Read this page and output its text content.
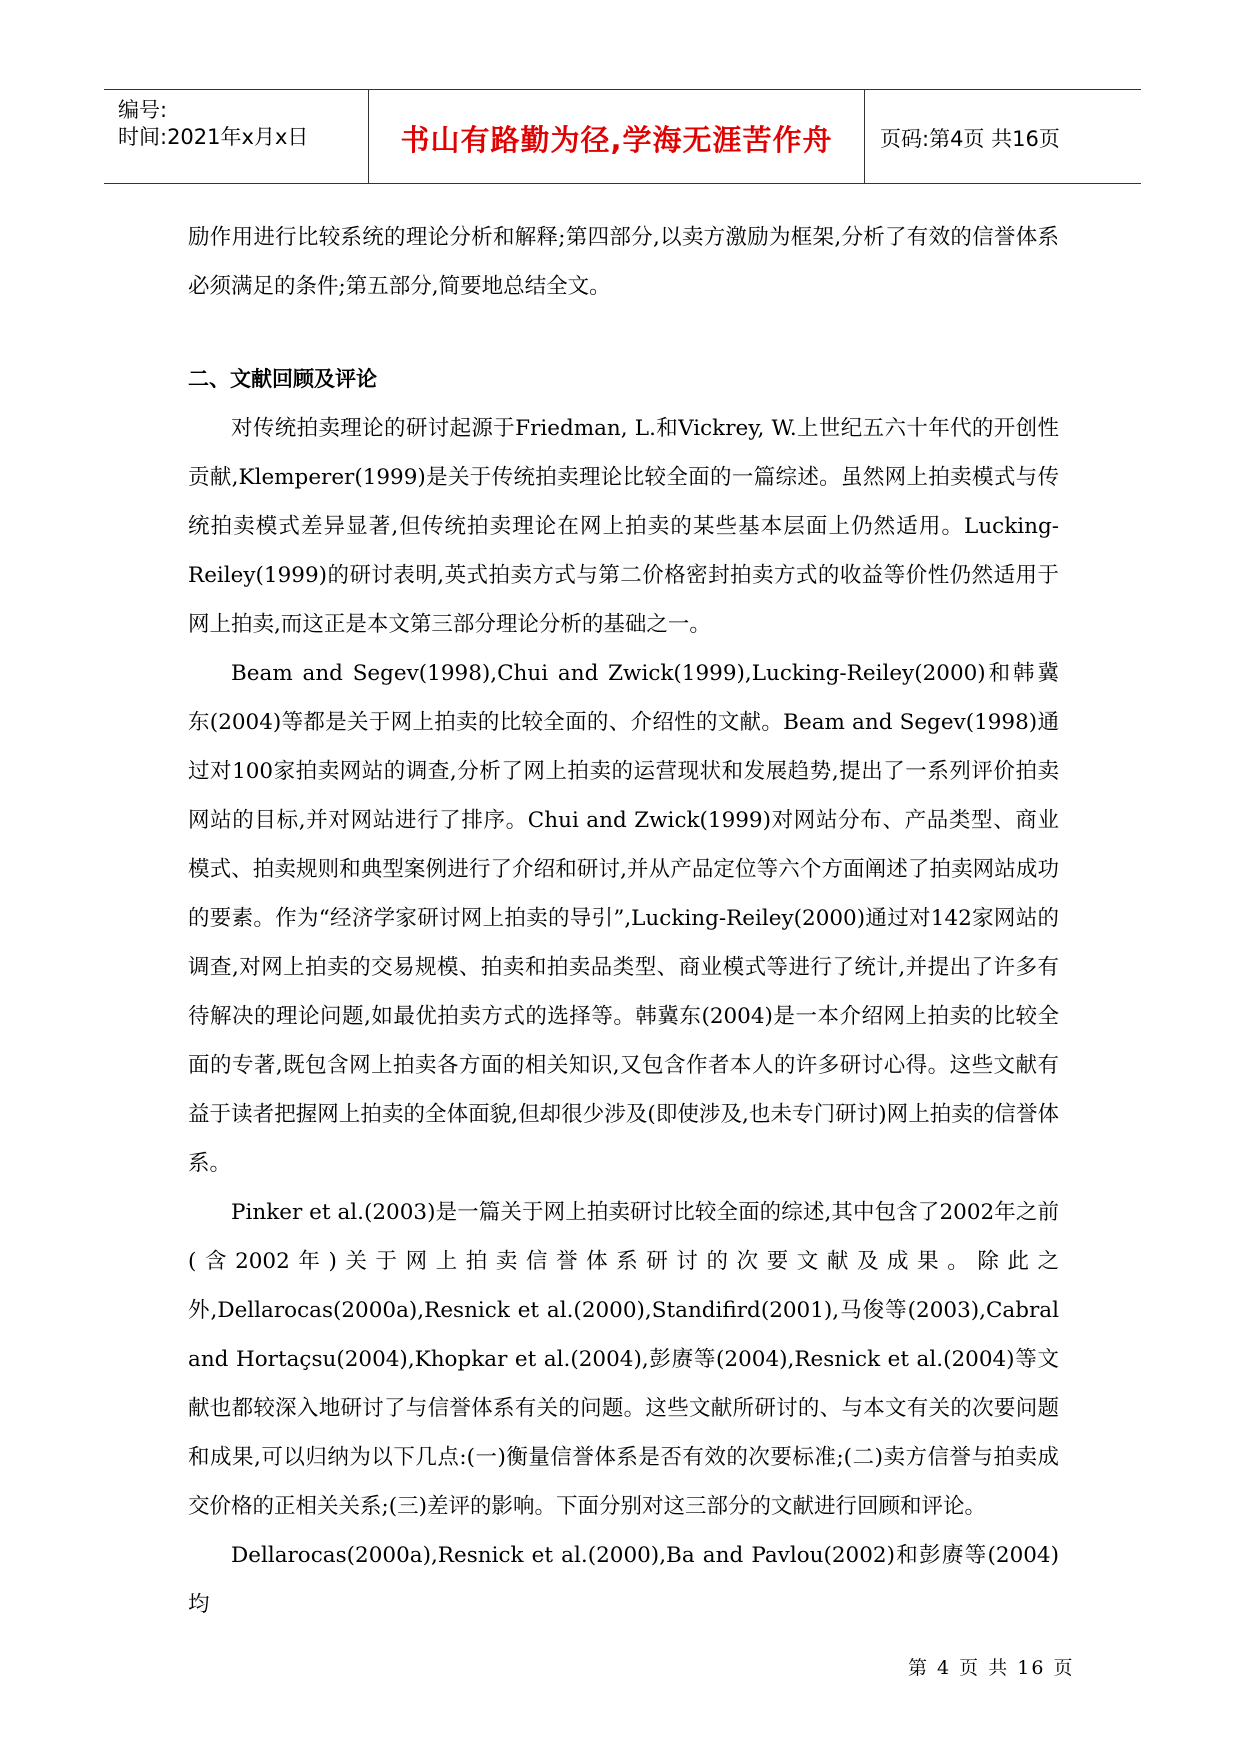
编号:
时间:2021年x月x日	书山有路勤为径,学海无涯苦作舟	页码:第4页 共16页

励作用进行比较系统的理论分析和解释;第四部分,以卖方激励为框架,分析了有效的信誉体系必须满足的条件;第五部分,简要地总结全文。

二、文献回顾及评论

对传统拍卖理论的研讨起源于Friedman, L.和Vickrey, W.上世纪五六十年代的开创性贡献,Klemperer(1999)是关于传统拍卖理论比较全面的一篇综述。虽然网上拍卖模式与传统拍卖模式差异显著,但传统拍卖理论在网上拍卖的某些基本层面上仍然适用。Lucking-Reiley(1999)的研讨表明,英式拍卖方式与第二价格密封拍卖方式的收益等价性仍然适用于网上拍卖,而这正是本文第三部分理论分析的基础之一。

Beam and Segev(1998),Chui and Zwick(1999),Lucking-Reiley(2000)和韩冀东(2004)等都是关于网上拍卖的比较全面的、介绍性的文献。Beam and Segev(1998)通过对100家拍卖网站的调查,分析了网上拍卖的运营现状和发展趋势,提出了一系列评价拍卖网站的目标,并对网站进行了排序。Chui and Zwick(1999)对网站分布、产品类型、商业模式、拍卖规则和典型案例进行了介绍和研讨,并从产品定位等六个方面阐述了拍卖网站成功的要素。作为“经济学家研讨网上拍卖的导引”,Lucking-Reiley(2000)通过对142家网站的调查,对网上拍卖的交易规模、拍卖和拍卖品类型、商业模式等进行了统计,并提出了许多有待解决的理论问题,如最优拍卖方式的选择等。韩冀东(2004)是一本介绍网上拍卖的比较全面的专著,既包含网上拍卖各方面的相关知识,又包含作者本人的许多研讨心得。这些文献有益于读者把握网上拍卖的全体面貌,但却很少涉及(即使涉及,也未专门研讨)网上拍卖的信誉体系。

Pinker et al.(2003)是一篇关于网上拍卖研讨比较全面的综述,其中包含了2002年之前(含2002年)关于网上拍卖信誉体系研讨的次要文献及成果。除此之外,Dellarocas(2000a),Resnick et al.(2000),Standifird(2001),马俊等(2003),Cabral and Hortaçsu(2004),Khopkar et al.(2004),彭赓等(2004),Resnick et al.(2004)等文献也都较深入地研讨了与信誉体系有关的问题。这些文献所研讨的、与本文有关的次要问题和成果,可以归纳为以下几点:(一)衡量信誉体系是否有效的次要标准;(二)卖方信誉与拍卖成交价格的正相关关系;(三)差评的影响。下面分别对这三部分的文献进行回顾和评论。

Dellarocas(2000a),Resnick et al.(2000),Ba and Pavlou(2002)和彭赓等(2004)均

第 4 页 共 16 页
